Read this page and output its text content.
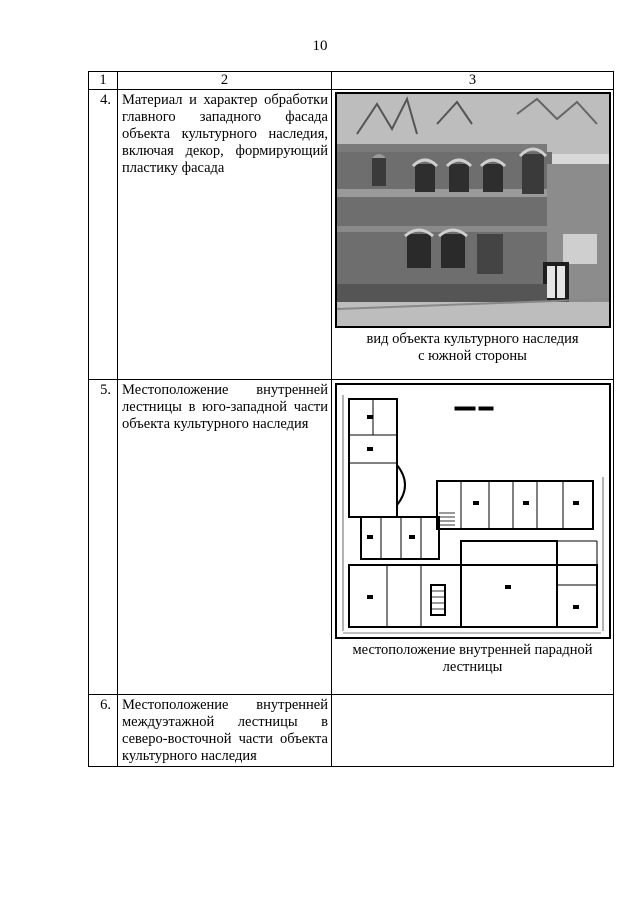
10
1	2	3
4.	Материал и характер обработки главного западного фасада объекта культурного наследия, включая декор, формирующий пластику фасада	вид объекта культурного наследия
с южной стороны

5.	Местоположение внутренней лестницы в юго-западной части объекта культурного наследия	местоположение внутренней парадной
лестницы

6.	Местоположение внутренней междуэтажной лестницы в северо-восточной части объекта культурного наследия	
